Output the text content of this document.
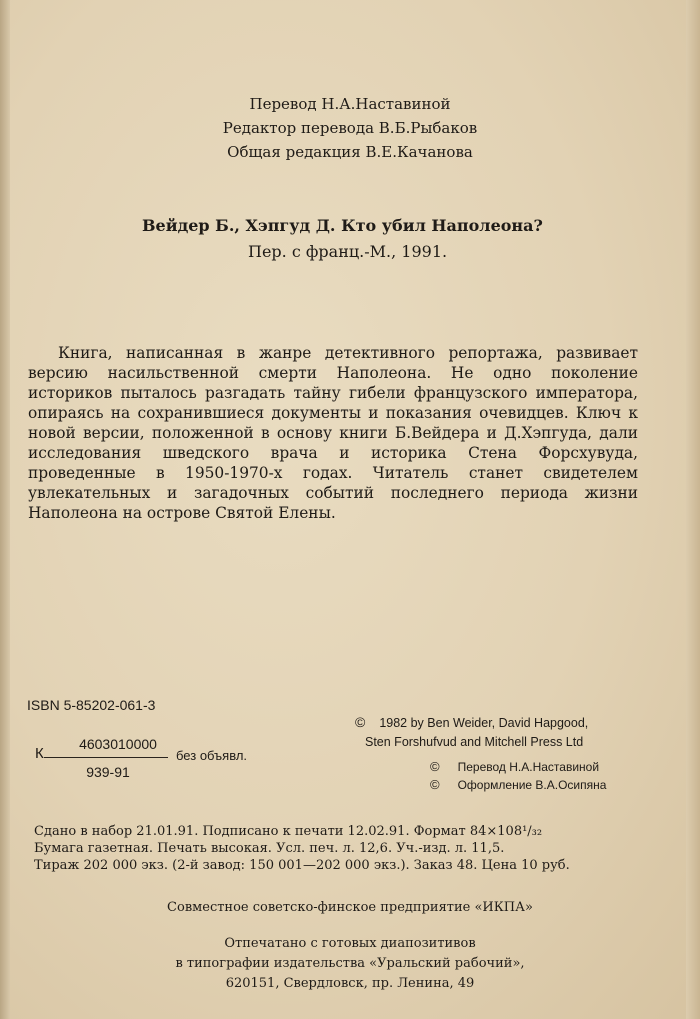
Перевод Н.А.Наставиной
Редактор перевода В.Б.Рыбаков
Общая редакция В.Е.Качанова
Вейдер Б., Хэпгуд Д. Кто убил Наполеона?
Пер. с франц.-М., 1991.

Книга, написанная в жанре детективного репортажа, развивает версию насильственной смерти Наполеона. Не одно поколение историков пыталось разгадать тайну гибели французского императора, опираясь на сохранившиеся документы и показания очевидцев. Ключ к новой версии, положенной в основу книги Б.Вейдера и Д.Хэпгуда, дали исследования шведского врача и историка Стена Форсхувуда, проведенные в 1950-1970-х годах. Читатель станет свидетелем увлекательных и загадочных событий последнего периода жизни Наполеона на острове Святой Елены.

ISBN 5-85202-061-3
© 1982 by Ben Weider, David Hapgood,
Sten Forshufvud and Mitchell Press Ltd
К
4603010000
939-91
без объявл.
© Перевод Н.А.Наставиной
© Оформление В.А.Осипяна
Сдано в набор 21.01.91. Подписано к печати 12.02.91. Формат 84×108¹/₃₂
Бумага газетная. Печать высокая. Усл. печ. л. 12,6. Уч.-изд. л. 11,5.
Тираж 202 000 экз. (2-й завод: 150 001—202 000 экз.). Заказ 48. Цена 10 руб.
Совместное советско-финское предприятие «ИКПА»
Отпечатано с готовых диапозитивов
в типографии издательства «Уральский рабочий»,
620151, Свердловск, пр. Ленина, 49
